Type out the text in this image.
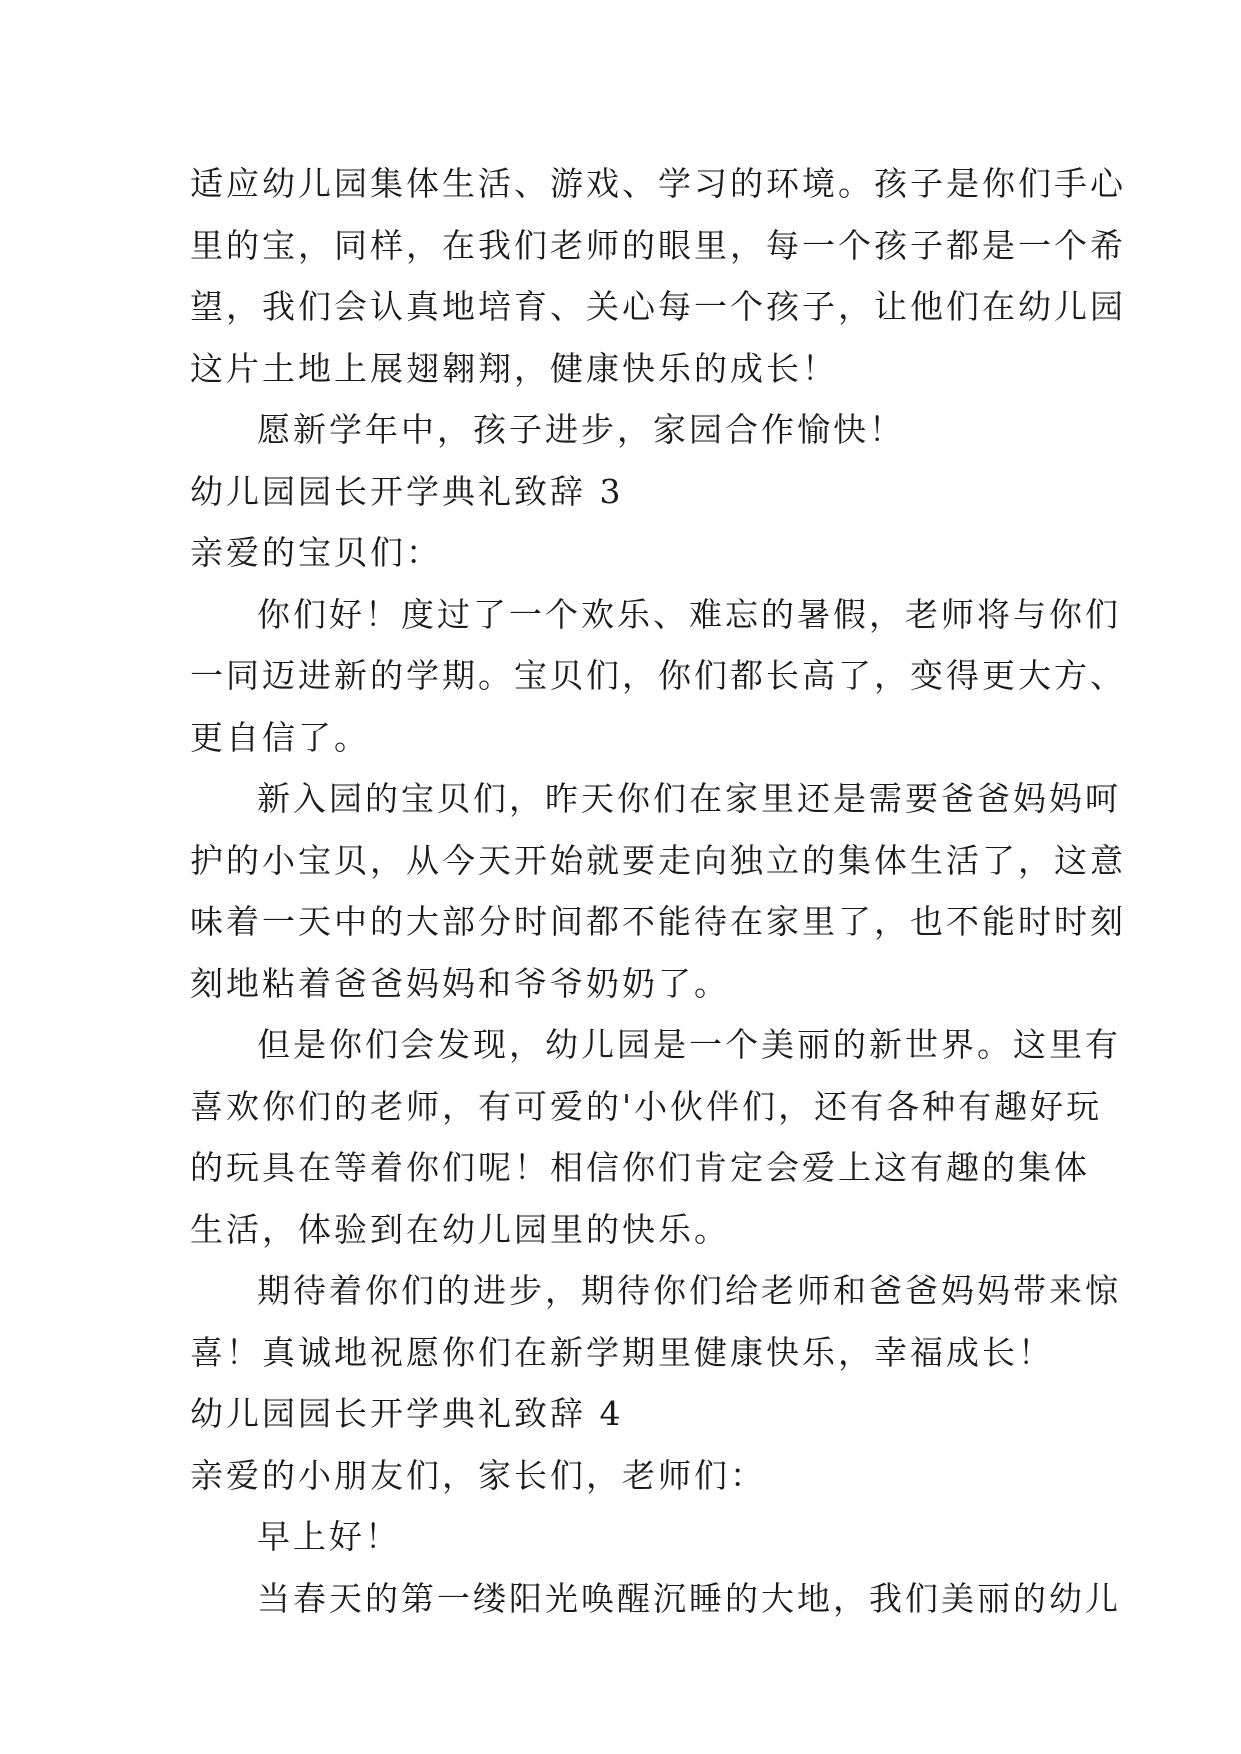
适应幼儿园集体生活、游戏、学习的环境。孩子是你们手心
里的宝，同样，在我们老师的眼里，每一个孩子都是一个希
望，我们会认真地培育、关心每一个孩子，让他们在幼儿园
这片土地上展翅翱翔，健康快乐的成长！
愿新学年中，孩子进步，家园合作愉快！
幼儿园园长开学典礼致辞 3
亲爱的宝贝们：
你们好！度过了一个欢乐、难忘的暑假，老师将与你们
一同迈进新的学期。宝贝们，你们都长高了，变得更大方、
更自信了。
新入园的宝贝们，昨天你们在家里还是需要爸爸妈妈呵
护的小宝贝，从今天开始就要走向独立的集体生活了，这意
味着一天中的大部分时间都不能待在家里了，也不能时时刻
刻地粘着爸爸妈妈和爷爷奶奶了。
但是你们会发现，幼儿园是一个美丽的新世界。这里有
喜欢你们的老师，有可爱的'小伙伴们，还有各种有趣好玩
的玩具在等着你们呢！相信你们肯定会爱上这有趣的集体
生活，体验到在幼儿园里的快乐。
期待着你们的进步，期待你们给老师和爸爸妈妈带来惊
喜！真诚地祝愿你们在新学期里健康快乐，幸福成长！
幼儿园园长开学典礼致辞 4
亲爱的小朋友们，家长们，老师们：
早上好！
当春天的第一缕阳光唤醒沉睡的大地，我们美丽的幼儿
